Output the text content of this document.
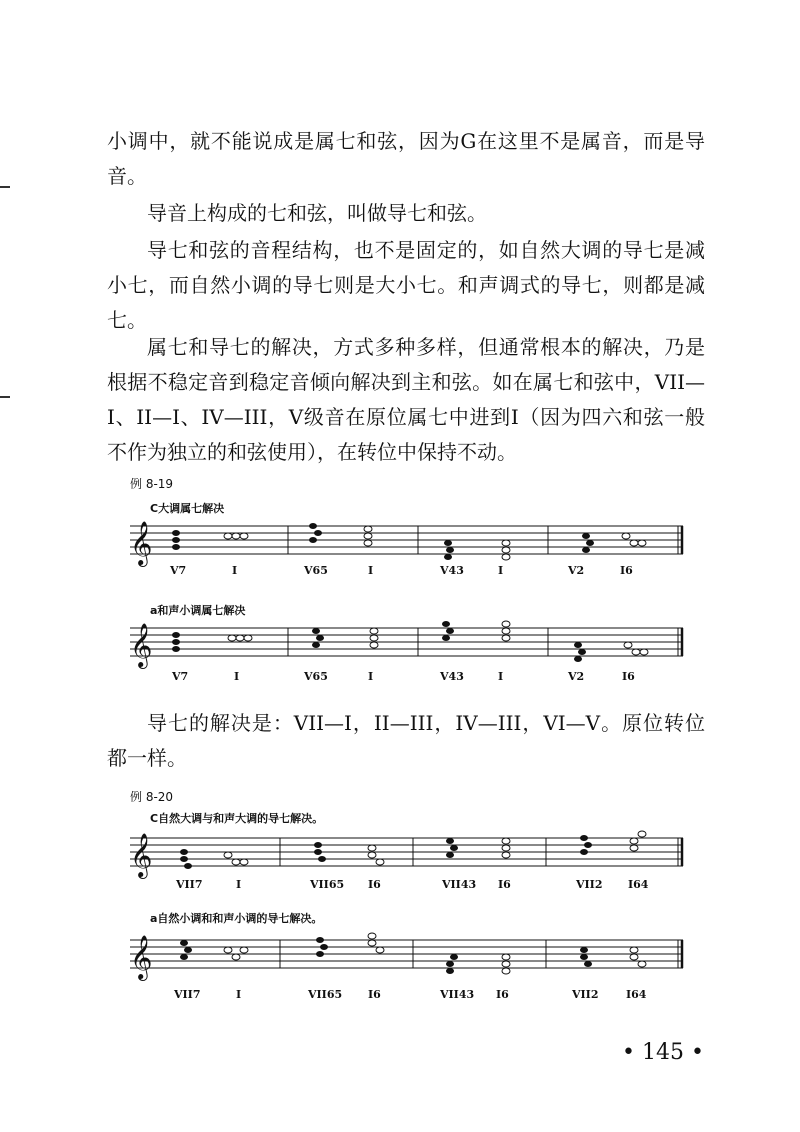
小调中，就不能说成是属七和弦，因为G在这里不是属音，而是导音。

导音上构成的七和弦，叫做导七和弦。

导七和弦的音程结构，也不是固定的，如自然大调的导七是减小七，而自然小调的导七则是大小七。和声调式的导七，则都是减七。

属七和导七的解决，方式多种多样，但通常根本的解决，乃是根据不稳定音到稳定音倾向解决到主和弦。如在属七和弦中，VII—I、II—I、IV—III，V级音在原位属七中进到I（因为四六和弦一般不作为独立的和弦使用），在转位中保持不动。

例 8-19
C大调属七解决
𝄞
V7	I	V65	I	V43	I	V2	I6
a和声小调属七解决
𝄞
V7	I	V65	I	V43	I	V2	I6

导七的解决是：VII—I，II—III，IV—III，VI—V。原位转位都一样。

例 8-20
C自然大调与和声大调的导七解决。
𝄞
VII7	I	VII65 I6	VII43 I6	VII2 I64
a自然小调和和声小调的导七解决。
𝄞
VII7	I	VII65 I6	VII43 I6	VII2	I64
• 145 •
